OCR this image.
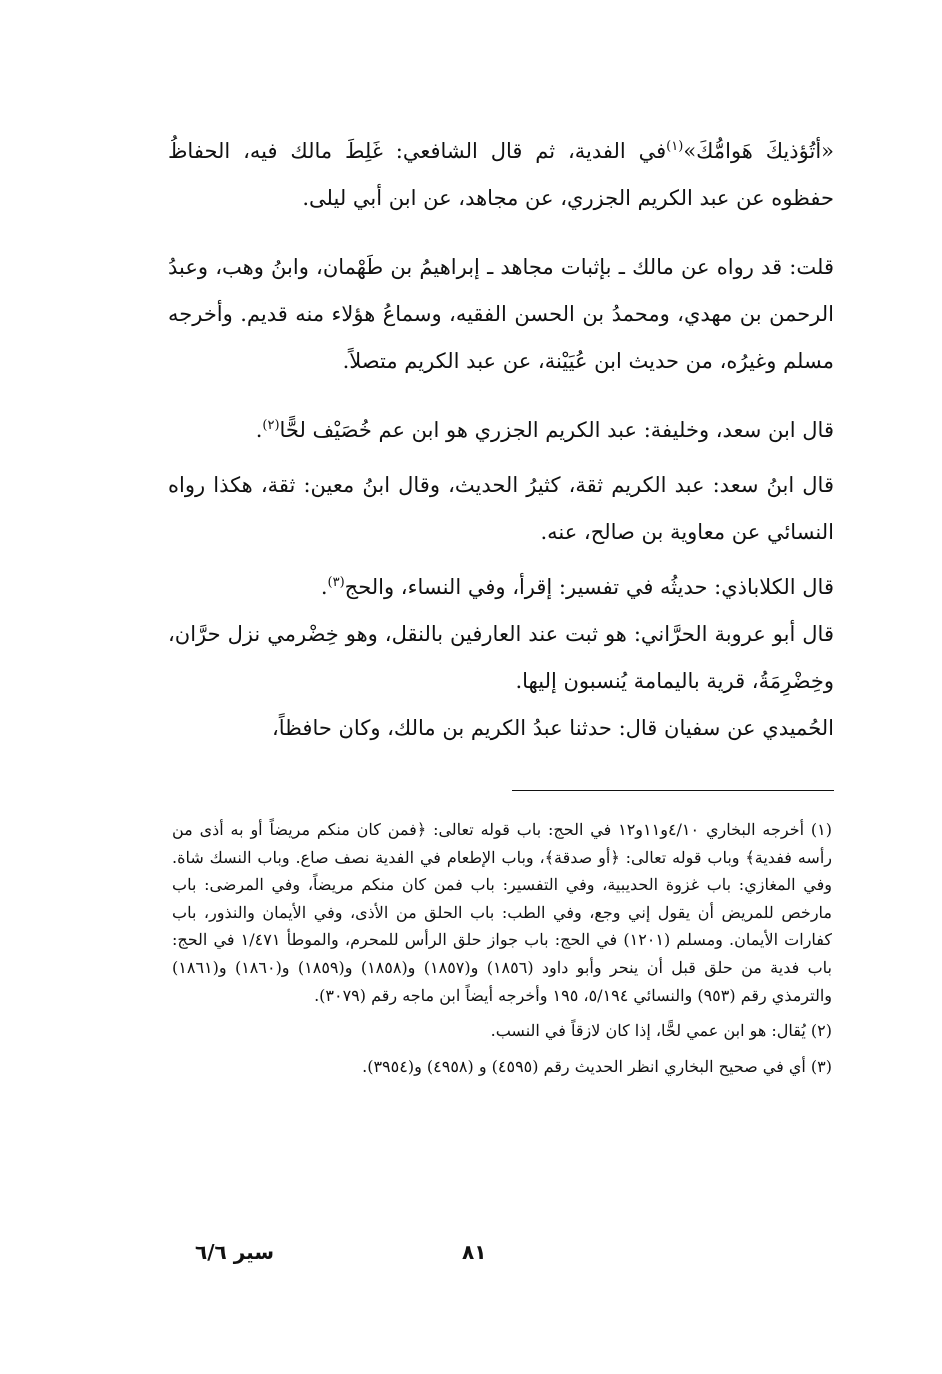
«أتُؤذيكَ هَوامُّكَ»$^{(١)}$في الفدية، ثم قال الشافعي: غَلِطَ مالك فيه، الحفاظُ حفظوه عن عبد الكريم الجزري، عن مجاهد، عن ابن أبي ليلى.

قلت: قد رواه عن مالك ـ بإثبات مجاهد ـ إبراهيمُ بن طَهْمان، وابنُ وهب، وعبدُ الرحمن بن مهدي، ومحمدُ بن الحسن الفقيه، وسماعُ هؤلاء منه قديم. وأخرجه مسلم وغيرُه، من حديث ابن عُيَيْنة، عن عبد الكريم متصلاً.

قال ابن سعد، وخليفة: عبد الكريم الجزري هو ابن عم خُصَيْف لحًّا$^{(٢)}$.

قال ابنُ سعد: عبد الكريم ثقة، كثيرُ الحديث، وقال ابنُ معين: ثقة، هكذا رواه النسائي عن معاوية بن صالح، عنه.

قال الكلاباذي: حديثُه في تفسير: إقرأ، وفي النساء، والحج$^{(٣)}$.

قال أبو عروبة الحرَّاني: هو ثبت عند العارفين بالنقل، وهو خِضْرمي نزل حرَّان، وخِضْرِمَةُ، قرية باليمامة يُنسبون إليها.

الحُميدي عن سفيان قال: حدثنا عبدُ الكريم بن مالك، وكان حافظاً،

(١) أخرجه البخاري ٤/١٠و١١و١٢ في الحج: باب قوله تعالى: ﴿فمن كان منكم مريضاً أو به أذى من رأسه ففدية﴾ وباب قوله تعالى: ﴿أو صدقة﴾، وباب الإطعام في الفدية نصف صاع. وباب النسك شاة. وفي المغازي: باب غزوة الحديبية، وفي التفسير: باب فمن كان منكم مريضاً، وفي المرضى: باب مارخص للمريض أن يقول إني وجع، وفي الطب: باب الحلق من الأذى، وفي الأيمان والنذور، باب كفارات الأيمان. ومسلم (١٢٠١) في الحج: باب جواز حلق الرأس للمحرم، والموطأ ١/٤٧١ في الحج: باب فدية من حلق قبل أن ينحر وأبو داود (١٨٥٦) و(١٨٥٧) و(١٨٥٨) و(١٨٥٩) و(١٨٦٠) و(١٨٦١) والترمذي رقم (٩٥٣) والنسائي ٥/١٩٤، ١٩٥ وأخرجه أيضاً ابن ماجه رقم (٣٠٧٩).

(٢) يُقال: هو ابن عمي لحًّا، إذا كان لازقاً في النسب.

(٣) أي في صحيح البخاري انظر الحديث رقم (٤٥٩٥) و (٤٩٥٨) و(٣٩٥٤).

٨١
سير ٦/٦
